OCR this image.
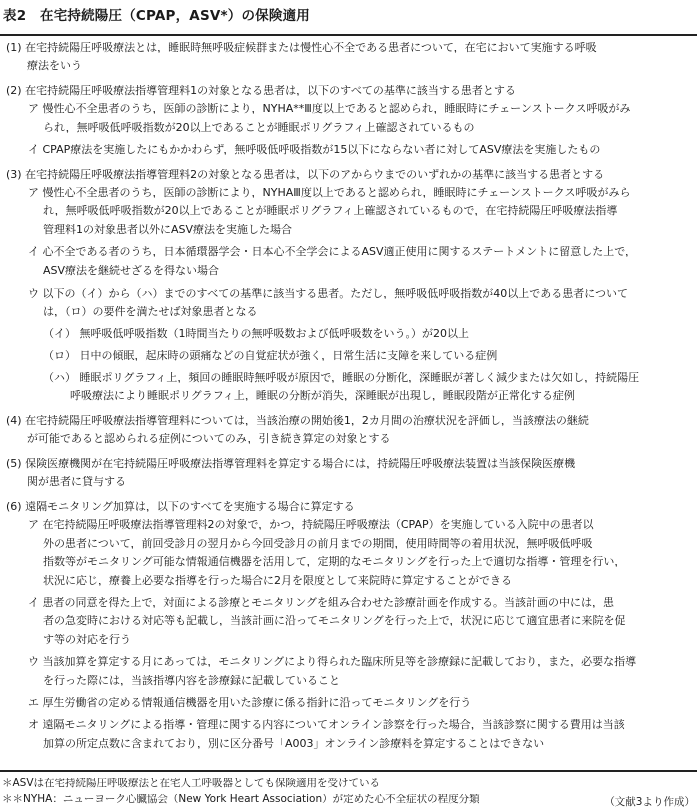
表2　在宅持続陽圧（CPAP，ASV*）の保険適用
(1) 在宅持続陽圧呼吸療法とは，睡眠時無呼吸症候群または慢性心不全である患者について，在宅において実施する呼吸
療法をいう
(2) 在宅持続陽圧呼吸療法指導管理料1の対象となる患者は，以下のすべての基準に該当する患者とする
ア 慢性心不全患者のうち，医師の診断により，NYHA**Ⅲ度以上であると認められ，睡眠時にチェーンストークス呼吸がみ
られ，無呼吸低呼吸指数が20以上であることが睡眠ポリグラフィ上確認されているもの
イ CPAP療法を実施したにもかかわらず，無呼吸低呼吸指数が15以下にならない者に対してASV療法を実施したもの
(3) 在宅持続陽圧呼吸療法指導管理料2の対象となる患者は，以下のアからウまでのいずれかの基準に該当する患者とする
ア 慢性心不全患者のうち，医師の診断により，NYHAⅢ度以上であると認められ，睡眠時にチェーンストークス呼吸がみら
れ，無呼吸低呼吸指数が20以上であることが睡眠ポリグラフィ上確認されているもので，在宅持続陽圧呼吸療法指導
管理料1の対象患者以外にASV療法を実施した場合
イ 心不全である者のうち，日本循環器学会・日本心不全学会によるASV適正使用に関するステートメントに留意した上で，
ASV療法を継続せざるを得ない場合
ウ 以下の（イ）から（ハ）までのすべての基準に該当する患者。ただし，無呼吸低呼吸指数が40以上である患者について
は，（ロ）の要件を満たせば対象患者となる
（イ） 無呼吸低呼吸指数（1時間当たりの無呼吸数および低呼吸数をいう。）が20以上
（ロ） 日中の傾眠，起床時の頭痛などの自覚症状が強く，日常生活に支障を来している症例
（ハ） 睡眠ポリグラフィ上，頻回の睡眠時無呼吸が原因で，睡眠の分断化，深睡眠が著しく減少または欠如し，持続陽圧
呼吸療法により睡眠ポリグラフィ上，睡眠の分断が消失，深睡眠が出現し，睡眠段階が正常化する症例
(4) 在宅持続陽圧呼吸療法指導管理料については，当該治療の開始後1，2カ月間の治療状況を評価し，当該療法の継続
が可能であると認められる症例についてのみ，引き続き算定の対象とする
(5) 保険医療機関が在宅持続陽圧呼吸療法指導管理料を算定する場合には，持続陽圧呼吸療法装置は当該保険医療機
関が患者に貸与する
(6) 遠隔モニタリング加算は，以下のすべてを実施する場合に算定する
ア 在宅持続陽圧呼吸療法指導管理料2の対象で，かつ，持続陽圧呼吸療法（CPAP）を実施している入院中の患者以
外の患者について，前回受診月の翌月から今回受診月の前月までの期間，使用時間等の着用状況，無呼吸低呼吸
指数等がモニタリング可能な情報通信機器を活用して，定期的なモニタリングを行った上で適切な指導・管理を行い，
状況に応じ，療養上必要な指導を行った場合に2月を限度として来院時に算定することができる
イ 患者の同意を得た上で，対面による診療とモニタリングを組み合わせた診療計画を作成する。当該計画の中には，患
者の急変時における対応等も記載し，当該計画に沿ってモニタリングを行った上で，状況に応じて適宜患者に来院を促
す等の対応を行う
ウ 当該加算を算定する月にあっては，モニタリングにより得られた臨床所見等を診療録に記載しており，また，必要な指導
を行った際には，当該指導内容を診療録に記載していること
エ 厚生労働省の定める情報通信機器を用いた診療に係る指針に沿ってモニタリングを行う
オ 遠隔モニタリングによる指導・管理に関する内容についてオンライン診察を行った場合，当該診察に関する費用は当該
加算の所定点数に含まれており，別に区分番号「A003」オンライン診療料を算定することはできない
＊ASVは在宅持続陽圧呼吸療法と在宅人工呼吸器としても保険適用を受けている
＊＊NYHA：ニューヨーク心臓協会（New York Heart Association）が定めた心不全症状の程度分類	（文献3より作成）
